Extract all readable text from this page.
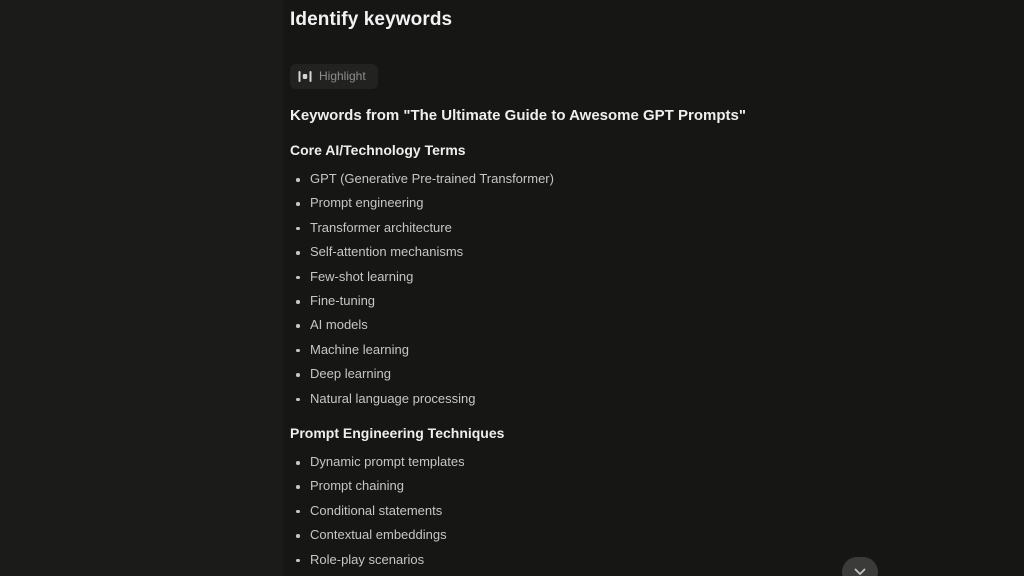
Identify keywords
Highlight
Keywords from "The Ultimate Guide to Awesome GPT Prompts"
Core AI/Technology Terms
GPT (Generative Pre-trained Transformer)
Prompt engineering
Transformer architecture
Self-attention mechanisms
Few-shot learning
Fine-tuning
AI models
Machine learning
Deep learning
Natural language processing
Prompt Engineering Techniques
Dynamic prompt templates
Prompt chaining
Conditional statements
Contextual embeddings
Role-play scenarios
